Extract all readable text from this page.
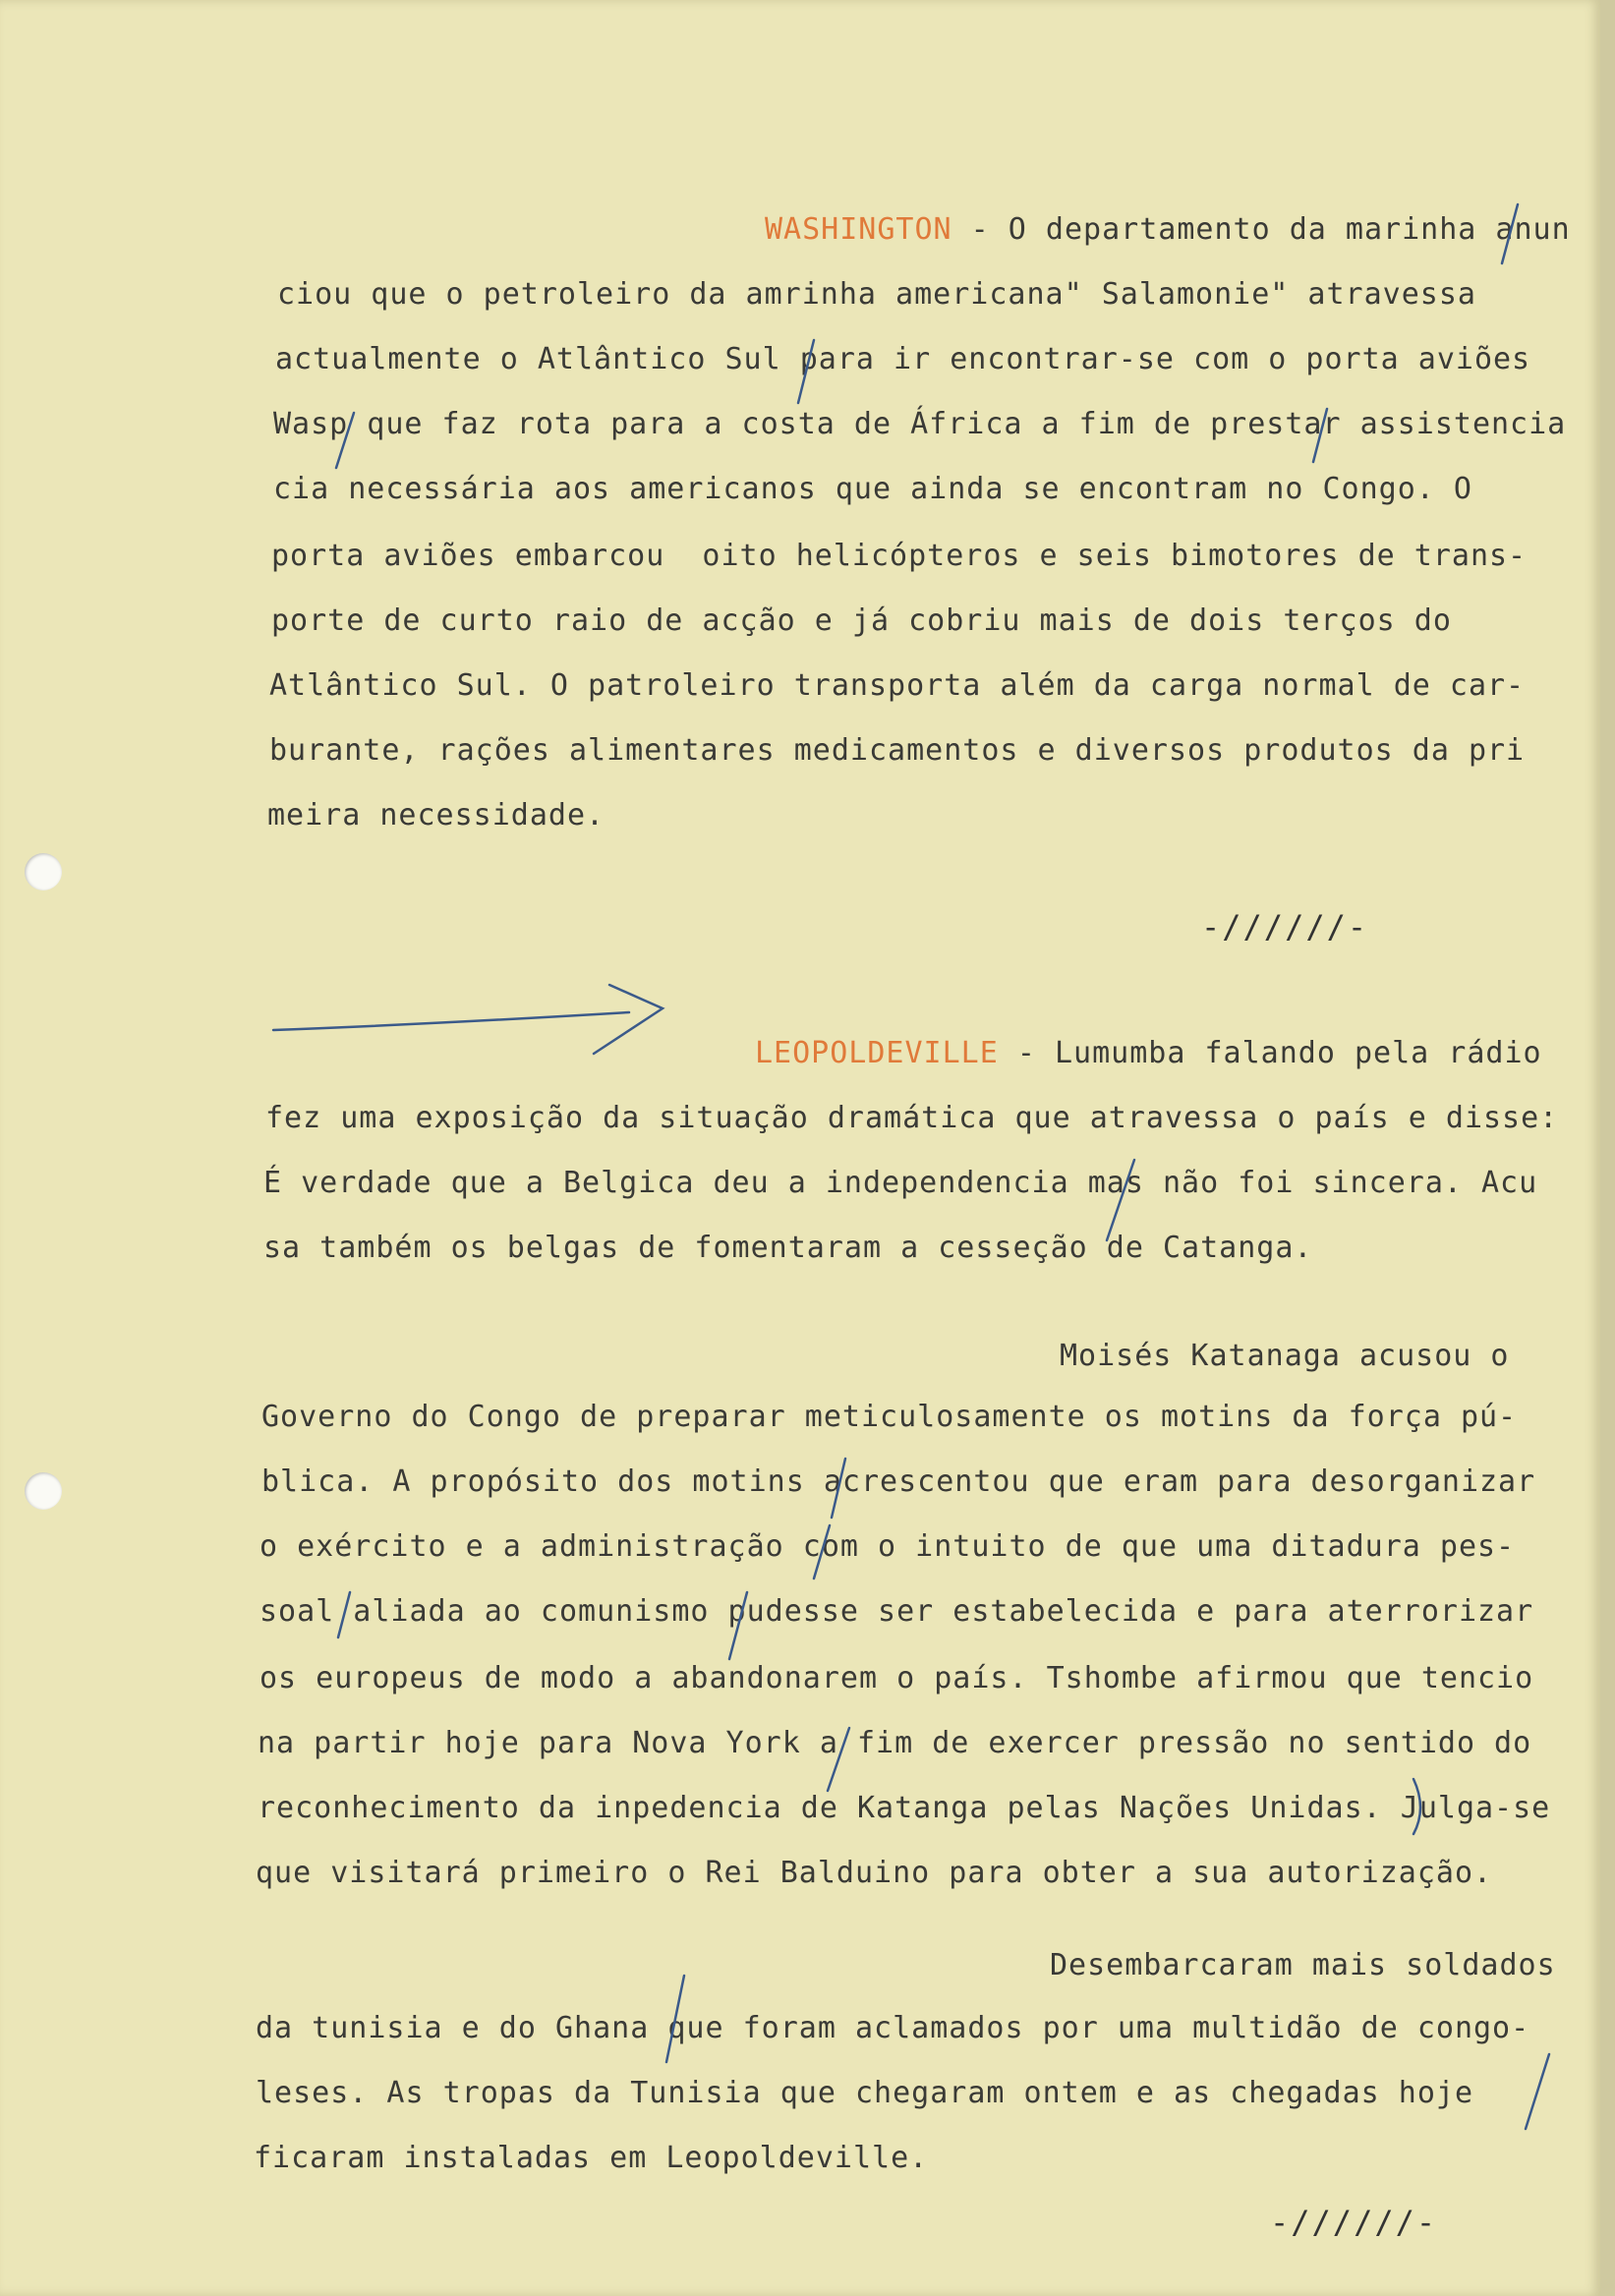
WASHINGTON - O departamento da marinha anun
ciou que o petroleiro da amrinha americana" Salamonie" atravessa
actualmente o Atlântico Sul para ir encontrar-se com o porta aviões
Wasp que faz rota para a costa de África a fim de prestar assistencia
cia necessária aos americanos que ainda se encontram no Congo. O
porta aviões embarcou  oito helicópteros e seis bimotores de trans-
porte de curto raio de acção e já cobriu mais de dois terços do
Atlântico Sul. O patroleiro transporta além da carga normal de car-
burante, rações alimentares medicamentos e diversos produtos da pri
meira necessidade.
-//////-
LEOPOLDEVILLE - Lumumba falando pela rádio
fez uma exposição da situação dramática que atravessa o país e disse:
É verdade que a Belgica deu a independencia mas não foi sincera. Acu
sa também os belgas de fomentaram a cesseção de Catanga.
Moisés Katanaga acusou o
Governo do Congo de preparar meticulosamente os motins da força pú-
blica. A propósito dos motins acrescentou que eram para desorganizar
o exército e a administração com o intuito de que uma ditadura pes-
soal aliada ao comunismo pudesse ser estabelecida e para aterrorizar
os europeus de modo a abandonarem o país. Tshombe afirmou que tencio
na partir hoje para Nova York a fim de exercer pressão no sentido do
reconhecimento da inpedencia de Katanga pelas Nações Unidas. Julga-se
que visitará primeiro o Rei Balduino para obter a sua autorização.
Desembarcaram mais soldados
da tunisia e do Ghana que foram aclamados por uma multidão de congo-
leses. As tropas da Tunisia que chegaram ontem e as chegadas hoje
ficaram instaladas em Leopoldeville.
-//////-
